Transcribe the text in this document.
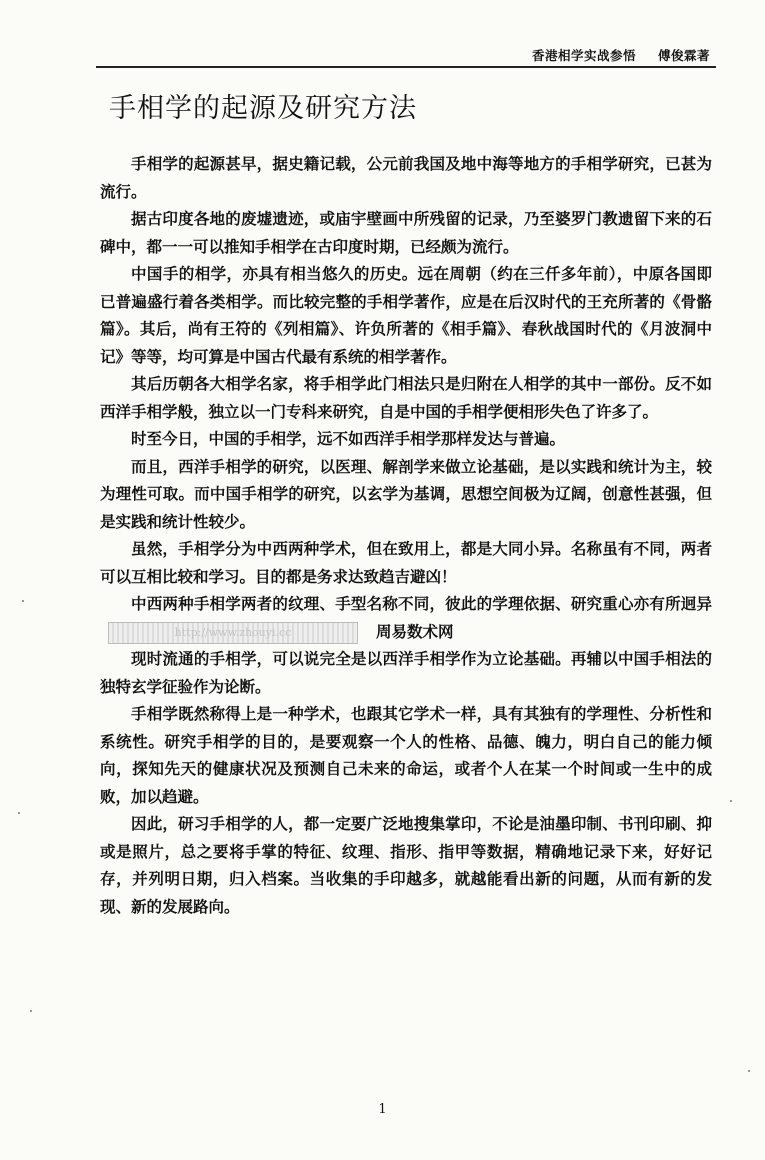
香港相学实战参悟 傅俊霖著
手相学的起源及研究方法

手相学的起源甚早，据史籍记载，公元前我国及地中海等地方的手相学研究，已甚为流行。

据古印度各地的废墟遗迹，或庙宇壁画中所残留的记录，乃至婆罗门教遗留下来的石碑中，都一一可以推知手相学在古印度时期，已经颇为流行。

中国手的相学，亦具有相当悠久的历史。远在周朝（约在三仟多年前），中原各国即已普遍盛行着各类相学。而比较完整的手相学著作，应是在后汉时代的王充所著的《骨骼篇》。其后，尚有王符的《列相篇》、许负所著的《相手篇》、春秋战国时代的《月波洞中记》等等，均可算是中国古代最有系统的相学著作。

其后历朝各大相学名家，将手相学此门相法只是归附在人相学的其中一部份。反不如西洋手相学般，独立以一门专科来研究，自是中国的手相学便相形失色了许多了。

时至今日，中国的手相学，远不如西洋手相学那样发达与普遍。

而且，西洋手相学的研究，以医理、解剖学来做立论基础，是以实践和统计为主，较为理性可取。而中国手相学的研究，以玄学为基调，思想空间极为辽阔，创意性甚强，但是实践和统计性较少。

虽然，手相学分为中西两种学术，但在致用上，都是大同小异。名称虽有不同，两者可以互相比较和学习。目的都是务求达致趋吉避凶！

中西两种手相学两者的纹理、手型名称不同，彼此的学理依据、研究重心亦有所迥异http://www.zhouyi.cc	周易数术网

现时流通的手相学，可以说完全是以西洋手相学作为立论基础。再辅以中国手相法的独特玄学征验作为论断。

手相学既然称得上是一种学术，也跟其它学术一样，具有其独有的学理性、分析性和系统性。研究手相学的目的，是要观察一个人的性格、品德、魄力，明白自己的能力倾向，探知先天的健康状况及预测自己未来的命运，或者个人在某一个时间或一生中的成败，加以趋避。

因此，研习手相学的人，都一定要广泛地搜集掌印，不论是油墨印制、书刊印刷、抑或是照片，总之要将手掌的特征、纹理、指形、指甲等数据，精确地记录下来，好好记存，并列明日期，归入档案。当收集的手印越多，就越能看出新的问题，从而有新的发现、新的发展路向。

1
